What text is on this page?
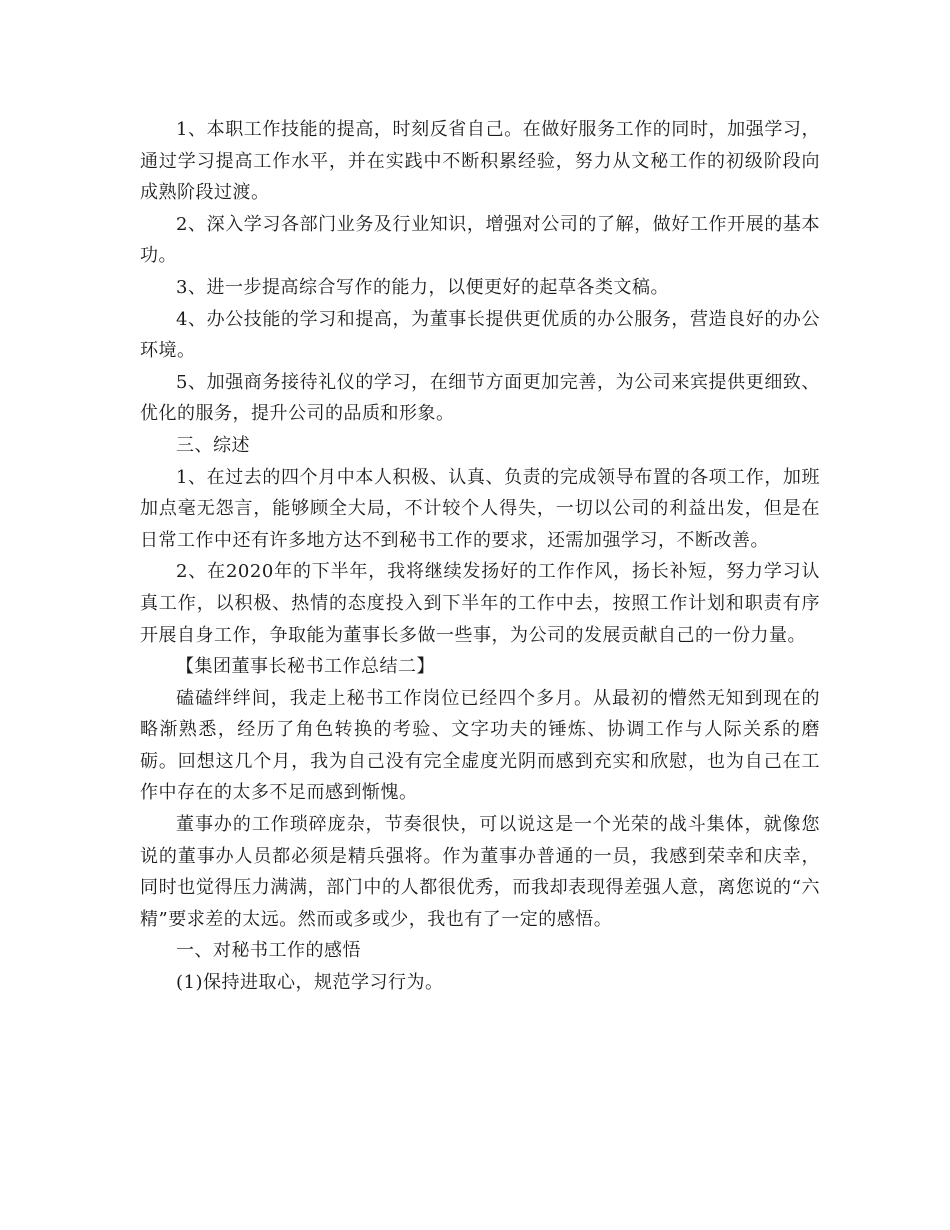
1、本职工作技能的提高，时刻反省自己。在做好服务工作的同时，加强学习，通过学习提高工作水平，并在实践中不断积累经验，努力从文秘工作的初级阶段向成熟阶段过渡。

2、深入学习各部门业务及行业知识，增强对公司的了解，做好工作开展的基本功。

3、进一步提高综合写作的能力，以便更好的起草各类文稿。

4、办公技能的学习和提高，为董事长提供更优质的办公服务，营造良好的办公环境。

5、加强商务接待礼仪的学习，在细节方面更加完善，为公司来宾提供更细致、优化的服务，提升公司的品质和形象。

三、综述

1、在过去的四个月中本人积极、认真、负责的完成领导布置的各项工作，加班加点毫无怨言，能够顾全大局，不计较个人得失，一切以公司的利益出发，但是在日常工作中还有许多地方达不到秘书工作的要求，还需加强学习，不断改善。

2、在2020年的下半年，我将继续发扬好的工作作风，扬长补短，努力学习认真工作，以积极、热情的态度投入到下半年的工作中去，按照工作计划和职责有序开展自身工作，争取能为董事长多做一些事，为公司的发展贡献自己的一份力量。

【集团董事长秘书工作总结二】

磕磕绊绊间，我走上秘书工作岗位已经四个多月。从最初的懵然无知到现在的略渐熟悉，经历了角色转换的考验、文字功夫的锤炼、协调工作与人际关系的磨砺。回想这几个月，我为自己没有完全虚度光阴而感到充实和欣慰，也为自己在工作中存在的太多不足而感到惭愧。

董事办的工作琐碎庞杂，节奏很快，可以说这是一个光荣的战斗集体，就像您说的董事办人员都必须是精兵强将。作为董事办普通的一员，我感到荣幸和庆幸，同时也觉得压力满满，部门中的人都很优秀，而我却表现得差强人意，离您说的“六精”要求差的太远。然而或多或少，我也有了一定的感悟。

一、对秘书工作的感悟

(1)保持进取心，规范学习行为。
